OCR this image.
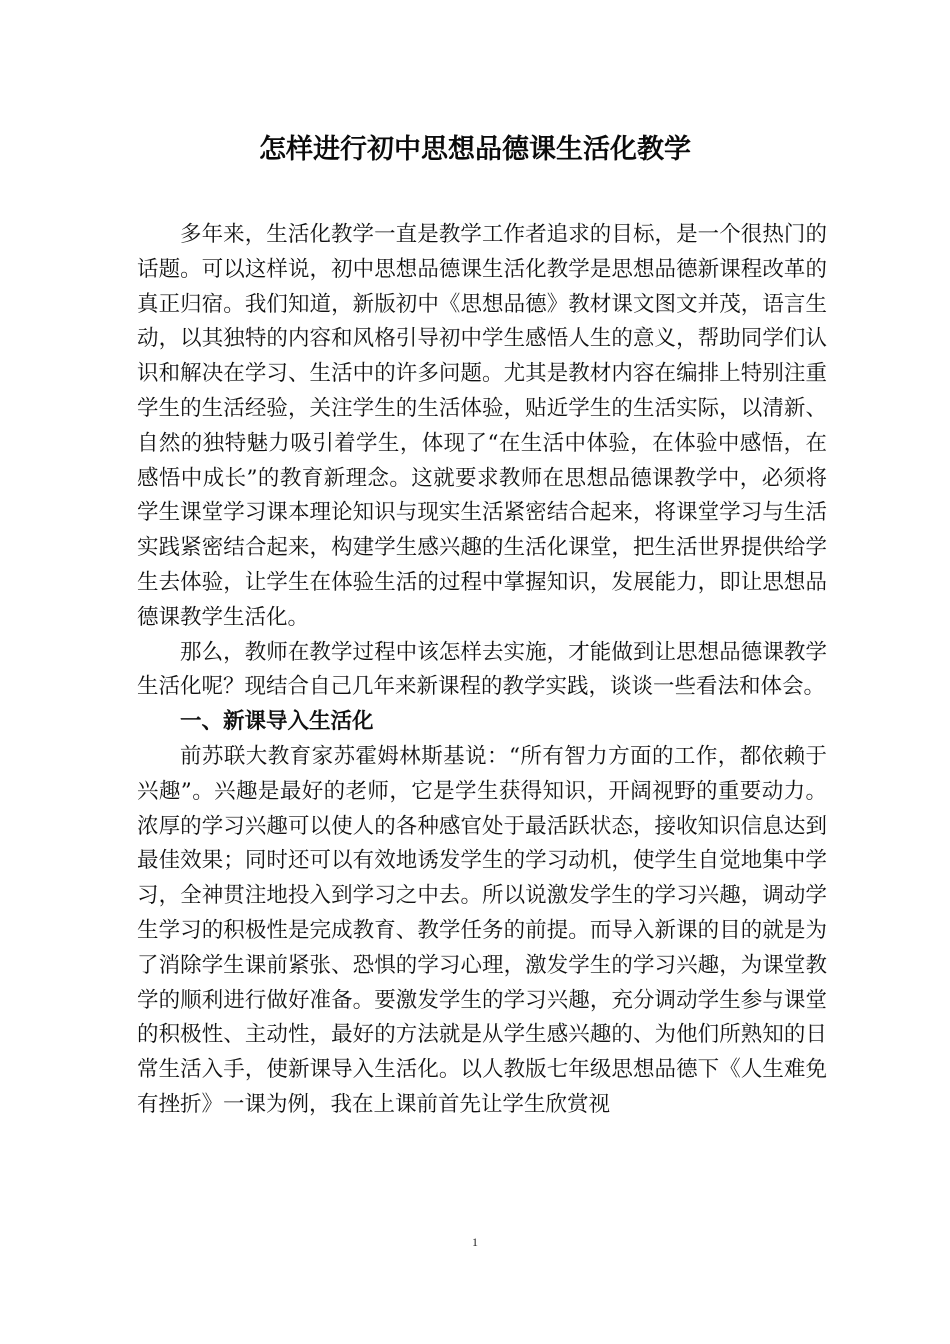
怎样进行初中思想品德课生活化教学

多年来，生活化教学一直是教学工作者追求的目标，是一个很热门的话题。可以这样说，初中思想品德课生活化教学是思想品德新课程改革的真正归宿。我们知道，新版初中《思想品德》教材课文图文并茂，语言生动，以其独特的内容和风格引导初中学生感悟人生的意义，帮助同学们认识和解决在学习、生活中的许多问题。尤其是教材内容在编排上特别注重学生的生活经验，关注学生的生活体验，贴近学生的生活实际，以清新、自然的独特魅力吸引着学生，体现了“在生活中体验，在体验中感悟，在感悟中成长”的教育新理念。这就要求教师在思想品德课教学中，必须将学生课堂学习课本理论知识与现实生活紧密结合起来，将课堂学习与生活实践紧密结合起来，构建学生感兴趣的生活化课堂，把生活世界提供给学生去体验，让学生在体验生活的过程中掌握知识，发展能力，即让思想品德课教学生活化。

那么，教师在教学过程中该怎样去实施，才能做到让思想品德课教学生活化呢？现结合自己几年来新课程的教学实践，谈谈一些看法和体会。

一、新课导入生活化

前苏联大教育家苏霍姆林斯基说：“所有智力方面的工作，都依赖于兴趣”。兴趣是最好的老师，它是学生获得知识，开阔视野的重要动力。浓厚的学习兴趣可以使人的各种感官处于最活跃状态，接收知识信息达到最佳效果；同时还可以有效地诱发学生的学习动机，使学生自觉地集中学习，全神贯注地投入到学习之中去。所以说激发学生的学习兴趣，调动学生学习的积极性是完成教育、教学任务的前提。而导入新课的目的就是为了消除学生课前紧张、恐惧的学习心理，激发学生的学习兴趣，为课堂教学的顺利进行做好准备。要激发学生的学习兴趣，充分调动学生参与课堂的积极性、主动性，最好的方法就是从学生感兴趣的、为他们所熟知的日常生活入手，使新课导入生活化。以人教版七年级思想品德下《人生难免有挫折》一课为例，我在上课前首先让学生欣赏视

1
